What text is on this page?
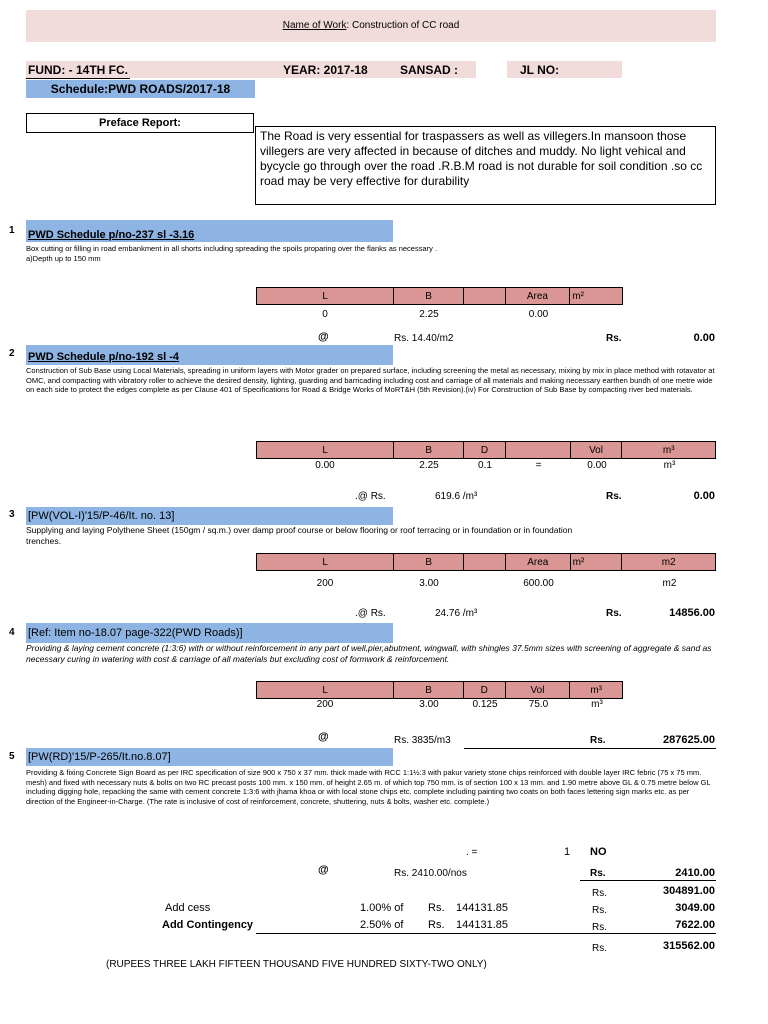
Name of Work: Construction of CC road
FUND: - 14TH FC.	YEAR: 2017-18	SANSAD :	JL NO:
Schedule:PWD ROADS/2017-18
Preface Report:
The Road is very essential for traspassers as well as villegers.In mansoon those villegers are very affected in because of ditches and muddy. No light vehical and bycycle go through over the road .R.B.M road is not durable for soil condition .so cc road may be very effective for durability
1 PWD Schedule p/no-237 sl -3.16
Box cutting or filling in road embankment in all shorts including spreading the spoils proparing over the flanks as necessary .
a)Depth up to 150 mm
L	B	Area	m²
0	2.25	0.00
@	Rs. 14.40/m2	Rs.	0.00
2 PWD Schedule p/no-192 sl -4
Construction of Sub Base using Local Materials, spreading in uniform layers with Motor grader on prepared surface, including screening the metal as necessary, mixing by mix in place method with rotavator at OMC, and compacting with vibratory roller to achieve the desired density, lighting, guarding and barricading including cost and carriage of all materials and making necessary earthen bundh of one metre wide on each side to protect the edges complete as per Clause 401 of Specifications for Road & Bridge Works of MoRT&H (5th Revision).(iv) For Construction of Sub Base by compacting river bed materials.
L	B	D	Vol	m³
0.00	2.25	0.1	=	0.00	m³
.@ Rs.	619.6 /m³	Rs.	0.00
3 [PW(VOL-I)'15/P-46/It. no. 13]
Supplying and laying Polythene Sheet (150gm / sq.m.) over damp proof course or below flooring or roof terracing or in foundation or in foundation trenches.
L	B	Area	m²	m2
200	3.00	600.00	m2
.@ Rs.	24.76 /m³	Rs.	14856.00
4 [Ref: Item no-18.07 page-322(PWD Roads)]
Providing & laying cement concrete (1:3:6) with or without reinforcement in any part of well,pier,abutment, wingwall, with shingles 37.5mm sizes with screening of aggregate & sand as necessary curing in watering with cost & carriage of all materials but excluding cost of formwork & reinforcement.
L	B	D	Vol	m³
200	3.00	0.125	75.0	m³
@	Rs. 3835/m3	Rs.	287625.00
5 [PW(RD)'15/P-265/It.no.8.07]
Providing & fixing Concrete Sign Board as per IRC specification of size 900 x 750 x 37 mm. thick made with RCC 1:1½:3 with pakur variety stone chips reinforced with double layer IRC febric (75 x 75 mm. mesh) and fixed with necessary nuts & bolts on two RC precast posts 100 mm. x 150 mm. of height 2.65 m. of which top 750 mm. is of section 100 x 13 mm. and 1.90 metre above GL & 0.75 metre below GL including digging hole, repacking the same with cement concrete 1:3:6 with jhama khoa or with local stone chips etc. complete including painting two coats on both faces lettering sign marks etc. as per direction of the Engineer-in-Charge. (The rate is inclusive of cost of reinforcement, concrete, shuttering, nuts & bolts, washer etc. complete.)
. =	1 NO
@	Rs. 2410.00/nos	Rs.	2410.00
Rs.	304891.00
Add cess	1.00% of Rs. 144131.85	Rs.	3049.00
Add Contingency	2.50% of Rs. 144131.85	Rs.	7622.00
Rs.	315562.00
(RUPEES THREE LAKH FIFTEEN THOUSAND FIVE HUNDRED SIXTY-TWO ONLY)
